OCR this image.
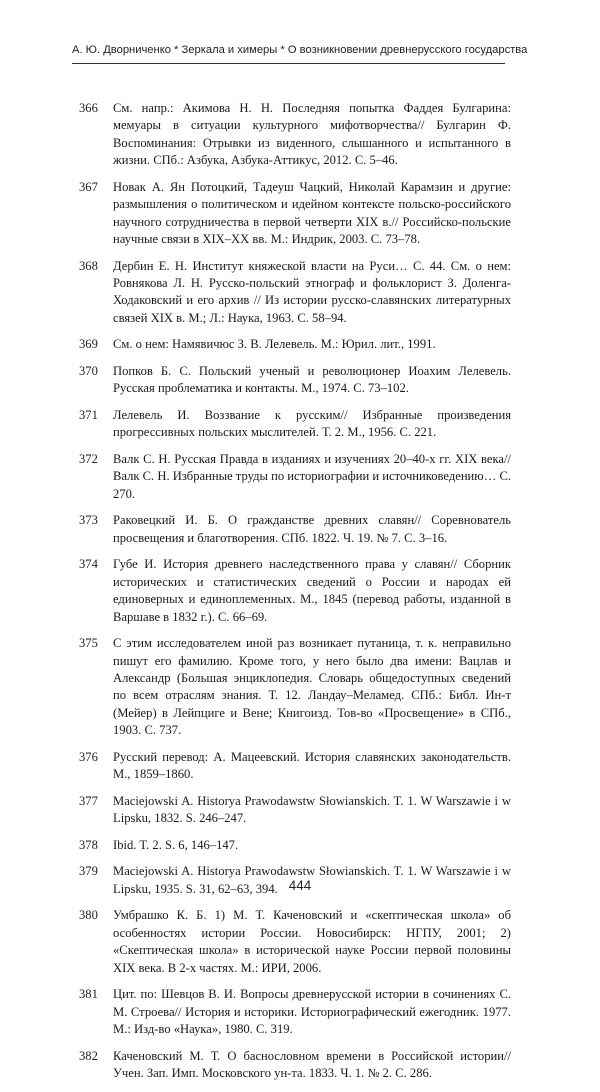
А. Ю. Дворниченко * Зеркала и химеры * О возникновении древнерусского государства
366	См. напр.: Акимова Н. Н. Последняя попытка Фаддея Булгарина: мемуары в ситуации культурного мифотворчества// Булгарин Ф. Воспоминания: Отрывки из виденного, слышанного и испытанного в жизни. СПб.: Азбука, Азбука-Аттикус, 2012. С. 5–46.
367	Новак А. Ян Потоцкий, Тадеуш Чацкий, Николай Карамзин и другие: размышления о политическом и идейном контексте польско-российского научного сотрудничества в первой четверти XIX в.// Российско-польские научные связи в XIX–XX вв. М.: Индрик, 2003. С. 73–78.
368	Дербин Е. Н. Институт княжеской власти на Руси… С. 44. См. о нем: Ровнякова Л. Н. Русско-польский этнограф и фольклорист З. Доленга-Ходаковский и его архив // Из истории русско-славянских литературных связей XIX в. М.; Л.: Наука, 1963. С. 58–94.
369	См. о нем: Намявичюс З. В. Лелевель. М.: Юрил. лит., 1991.
370	Попков Б. С. Польский ученый и революционер Иоахим Лелевель. Русская проблематика и контакты. М., 1974. С. 73–102.
371	Лелевель И. Воззвание к русским// Избранные произведения прогрессивных польских мыслителей. Т. 2. М., 1956. С. 221.
372	Валк С. Н. Русская Правда в изданиях и изучениях 20–40-х гг. XIX века// Валк С. Н. Избранные труды по историографии и источниковедению… С. 270.
373	Раковецкий И. Б. О гражданстве древних славян// Соревнователь просвещения и благотворения. СПб. 1822. Ч. 19. № 7. С. 3–16.
374	Губе И. История древнего наследственного права у славян// Сборник исторических и статистических сведений о России и народах ей единоверных и единоплеменных. М., 1845 (перевод работы, изданной в Варшаве в 1832 г.). С. 66–69.
375	С этим исследователем иной раз возникает путаница, т. к. неправильно пишут его фамилию. Кроме того, у него было два имени: Вацлав и Александр (Большая энциклопедия. Словарь общедоступных сведений по всем отраслям знания. Т. 12. Ландау–Меламед. СПб.: Библ. Ин-т (Мейер) в Лейпциге и Вене; Книгоизд. Тов-во «Просвещение» в СПб., 1903. С. 737.
376	Русский перевод: А. Мацеевский. История славянских законодательств. М., 1859–1860.
377	Maciejowski A. Historya Prawodawstw Słowianskich. T. 1. W Warszawie i w Lipsku, 1832. S. 246–247.
378	Ibid. T. 2. S. 6, 146–147.
379	Maciejowski A. Historya Prawodawstw Słowianskich. T. 1. W Warszawie i w Lipsku, 1935. S. 31, 62–63, 394.
380	Умбрашко К. Б. 1) М. Т. Каченовский и «скептическая школа» об особенностях истории России. Новосибирск: НГПУ, 2001; 2) «Скептическая школа» в исторической науке России первой половины XIX века. В 2-х частях. М.: ИРИ, 2006.
381	Цит. по: Шевцов В. И. Вопросы древнерусской истории в сочинениях С. М. Строева// История и историки. Историографический ежегодник. 1977. М.: Изд-во «Наука», 1980. С. 319.
382	Каченовский М. Т. О баснословном времени в Российской истории// Учен. Зап. Имп. Московского ун-та. 1833. Ч. 1. № 2. С. 286.
444
